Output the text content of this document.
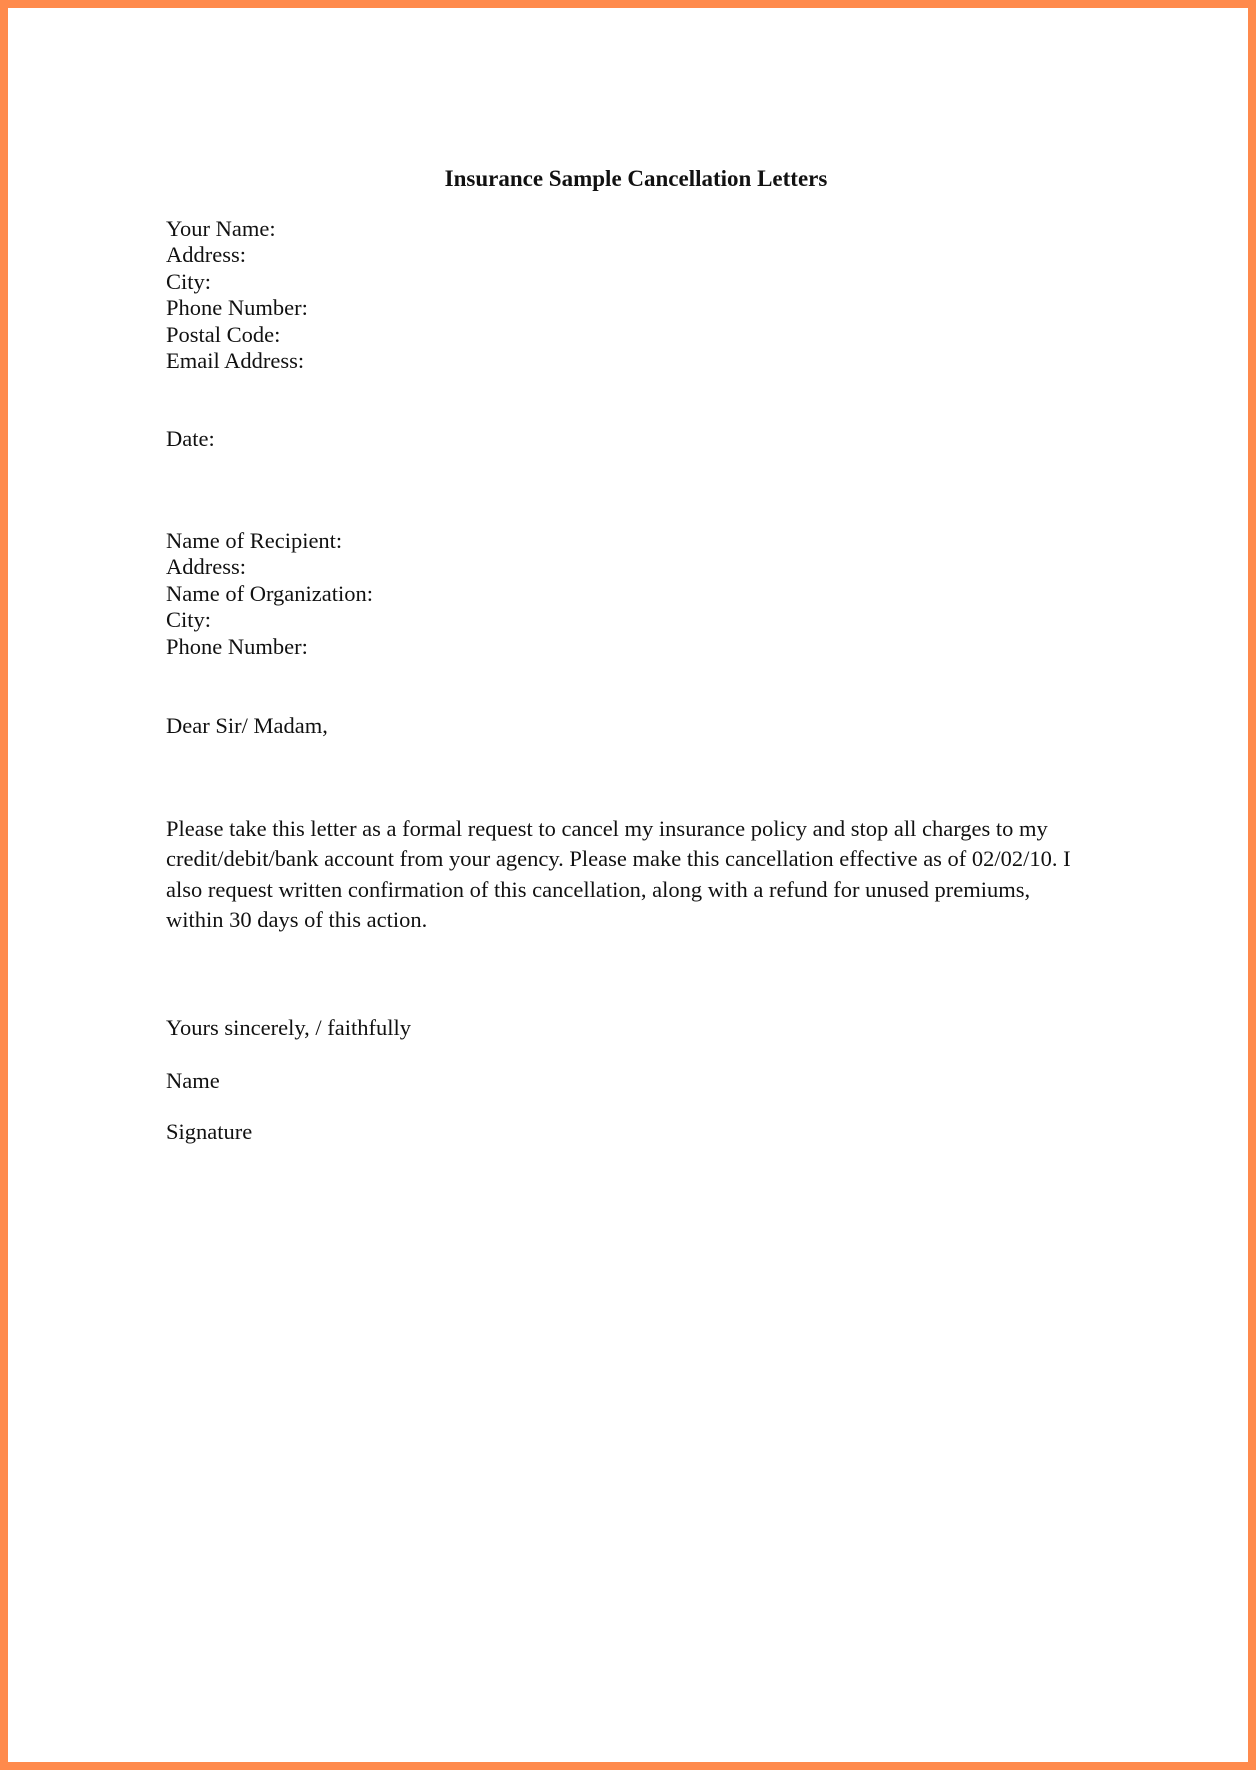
Insurance Sample Cancellation Letters
Your Name:
Address:
City:
Phone Number:
Postal Code:
Email Address:
Date:
Name of Recipient:
Address:
Name of Organization:
City:
Phone Number:
Dear Sir/ Madam,
Please take this letter as a formal request to cancel my insurance policy and stop all charges to my
credit/debit/bank account from your agency. Please make this cancellation effective as of 02/02/10. I
also request written confirmation of this cancellation, along with a refund for unused premiums,
within 30 days of this action.
Yours sincerely, / faithfully
Name
Signature
